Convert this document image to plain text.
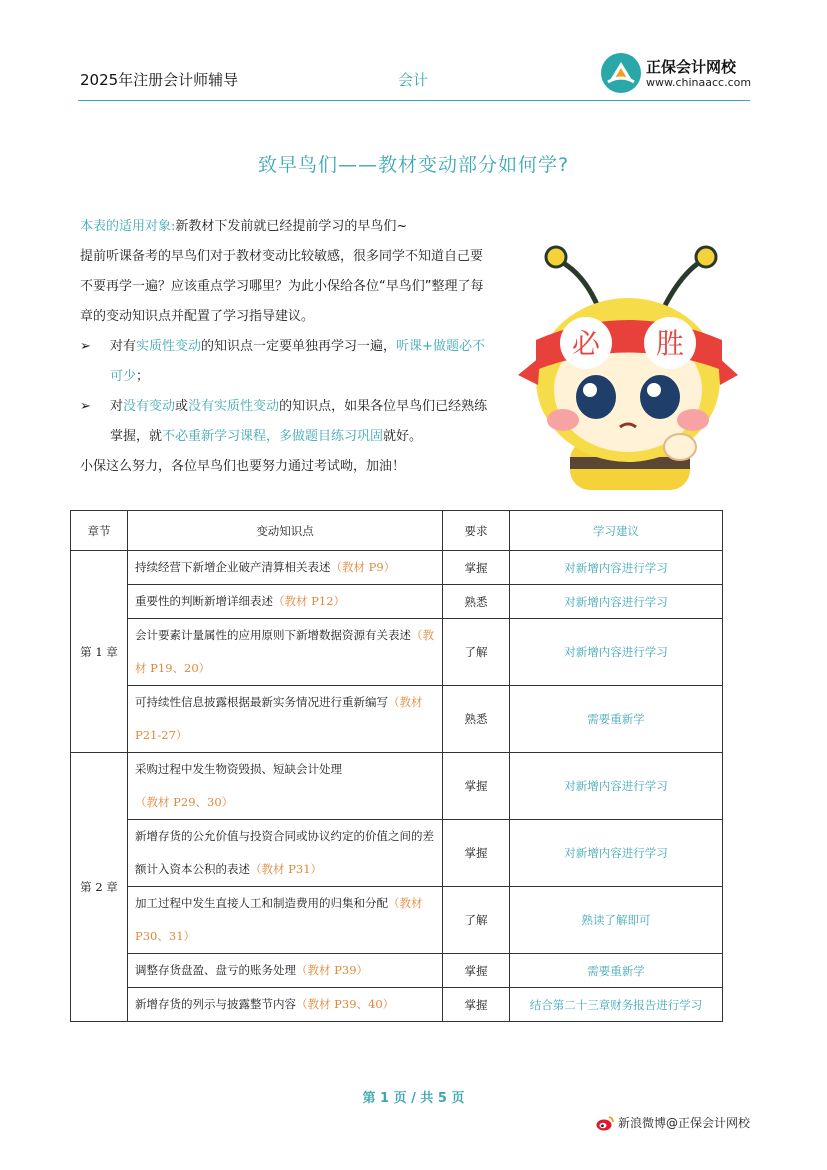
2025年注册会计师辅导	会计
正保会计网校
www.chinaacc.com
致早鸟们——教材变动部分如何学?
本表的适用对象:新教材下发前就已经提前学习的早鸟们~

提前听课备考的早鸟们对于教材变动比较敏感，很多同学不知道自己要不要再学一遍？应该重点学习哪里？为此小保给各位“早鸟们”整理了每章的变动知识点并配置了学习指导建议。

➢ 对有实质性变动的知识点一定要单独再学习一遍，听课+做题必不可少；

➢ 对没有变动或没有实质性变动的知识点，如果各位早鸟们已经熟练掌握，就不必重新学习课程，多做题目练习巩固就好。

小保这么努力，各位早鸟们也要努力通过考试呦，加油！
必 胜
章节	变动知识点	要求	学习建议
第 1 章	持续经营下新增企业破产清算相关表述（教材 P9）	掌握	对新增内容进行学习
	重要性的判断新增详细表述（教材 P12）	熟悉	对新增内容进行学习
	会计要素计量属性的应用原则下新增数据资源有关表述（教材 P19、20）	了解	对新增内容进行学习
	可持续性信息披露根据最新实务情况进行重新编写（教材 P21-27）	熟悉	需要重新学
第 2 章	采购过程中发生物资毁损、短缺会计处理（教材 P29、30）	掌握	对新增内容进行学习
	新增存货的公允价值与投资合同或协议约定的价值之间的差额计入资本公积的表述（教材 P31）	掌握	对新增内容进行学习
	加工过程中发生直接人工和制造费用的归集和分配（教材 P30、31）	了解	熟读了解即可
	调整存货盘盈、盘亏的账务处理（教材 P39）	掌握	需要重新学
	新增存货的列示与披露整节内容（教材 P39、40）	掌握	结合第二十三章财务报告进行学习
第 1 页 / 共 5 页
新浪微博@正保会计网校
